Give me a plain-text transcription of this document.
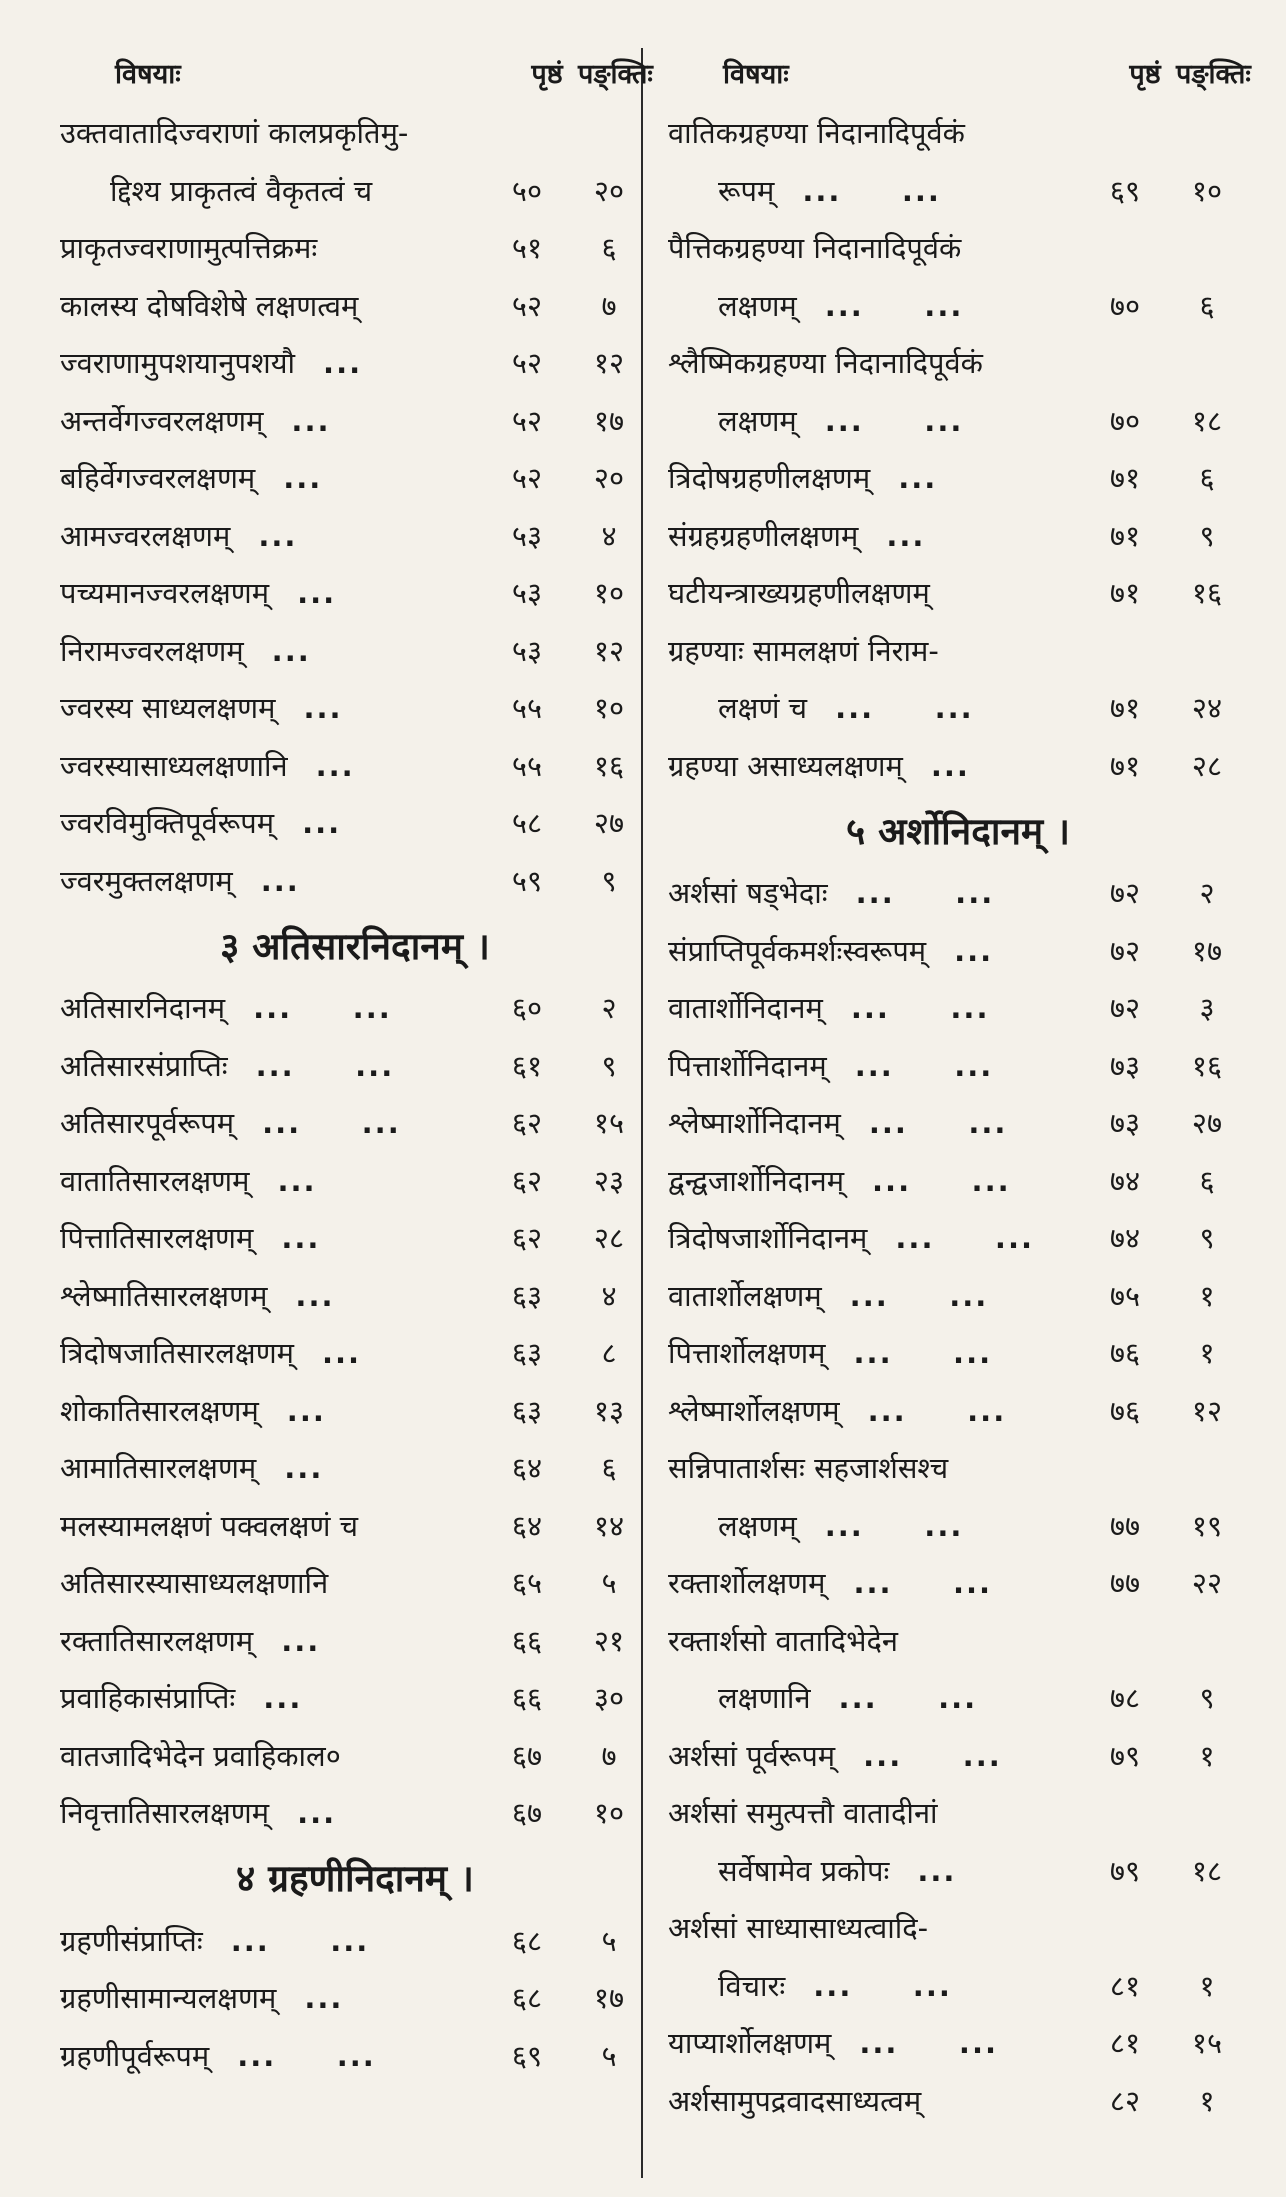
विषयाः	पृष्ठं पङ्क्तिः
उक्तवातादिज्वराणां कालप्रकृतिमु-
द्दिश्य प्राकृतत्वं वैकृतत्वं च	५०	२०
प्राकृतज्वराणामुत्पत्तिक्रमः	५१	६
कालस्य दोषविशेषे लक्षणत्वम्	५२	७
ज्वराणामुपशयानुपशयौ ...	५२	१२
अन्तर्वेगज्वरलक्षणम् ...	५२	१७
बहिर्वेगज्वरलक्षणम् ...	५२	२०
आमज्वरलक्षणम् ...	५३	४
पच्यमानज्वरलक्षणम् ...	५३	१०
निरामज्वरलक्षणम् ...	५३	१२
ज्वरस्य साध्यलक्षणम् ...	५५	१०
ज्वरस्यासाध्यलक्षणानि ...	५५	१६
ज्वरविमुक्तिपूर्वरूपम् ...	५८	२७
ज्वरमुक्तलक्षणम् ...	५९	९
३ अतिसारनिदानम् ।
अतिसारनिदानम् ...     ...	६०	२
अतिसारसंप्राप्तिः ...     ...	६१	९
अतिसारपूर्वरूपम् ...     ...	६२	१५
वातातिसारलक्षणम् ...	६२	२३
पित्तातिसारलक्षणम् ...	६२	२८
श्लेष्मातिसारलक्षणम् ...	६३	४
त्रिदोषजातिसारलक्षणम् ...	६३	८
शोकातिसारलक्षणम् ...	६३	१३
आमातिसारलक्षणम् ...	६४	६
मलस्यामलक्षणं पक्वलक्षणं च	६४	१४
अतिसारस्यासाध्यलक्षणानि	६५	५
रक्तातिसारलक्षणम् ...	६६	२१
प्रवाहिकासंप्राप्तिः ...	६६	३०
वातजादिभेदेन प्रवाहिकाल०	६७	७
निवृत्तातिसारलक्षणम् ...	६७	१०
४ ग्रहणीनिदानम् ।
ग्रहणीसंप्राप्तिः ...     ...	६८	५
ग्रहणीसामान्यलक्षणम् ...	६८	१७
ग्रहणीपूर्वरूपम् ...     ...	६९	५
विषयाः	पृष्ठं पङ्क्तिः
वातिकग्रहण्या निदानादिपूर्वकं
रूपम् ...     ...	६९	१०
पैत्तिकग्रहण्या निदानादिपूर्वकं
लक्षणम् ...     ...	७०	६
श्लैष्मिकग्रहण्या निदानादिपूर्वकं
लक्षणम् ...     ...	७०	१८
त्रिदोषग्रहणीलक्षणम् ...	७१	६
संग्रहग्रहणीलक्षणम् ...	७१	९
घटीयन्त्राख्यग्रहणीलक्षणम्	७१	१६
ग्रहण्याः सामलक्षणं निराम-
लक्षणं च ...     ...	७१	२४
ग्रहण्या असाध्यलक्षणम् ...	७१	२८
५ अर्शोनिदानम् ।
अर्शसां षड्भेदाः ...     ...	७२	२
संप्राप्तिपूर्वकमर्शःस्वरूपम् ...	७२	१७
वातार्शोनिदानम् ...     ...	७२	३
पित्तार्शोनिदानम् ...     ...	७३	१६
श्लेष्मार्शोनिदानम् ...     ...	७३	२७
द्वन्द्वजार्शोनिदानम् ...     ...	७४	६
त्रिदोषजार्शोनिदानम् ...     ...	७४	९
वातार्शोलक्षणम् ...     ...	७५	१
पित्तार्शोलक्षणम् ...     ...	७६	१
श्लेष्मार्शोलक्षणम् ...     ...	७६	१२
सन्निपातार्शसः सहजार्शसश्च
लक्षणम् ...     ...	७७	१९
रक्तार्शोलक्षणम् ...     ...	७७	२२
रक्तार्शसो वातादिभेदेन
लक्षणानि ...     ...	७८	९
अर्शसां पूर्वरूपम् ...     ...	७९	१
अर्शसां समुत्पत्तौ वातादीनां
सर्वेषामेव प्रकोपः ...	७९	१८
अर्शसां साध्यासाध्यत्वादि-
विचारः ...     ...	८१	१
याप्यार्शोलक्षणम् ...     ...	८१	१५
अर्शसामुपद्रवादसाध्यत्वम्	८२	१
